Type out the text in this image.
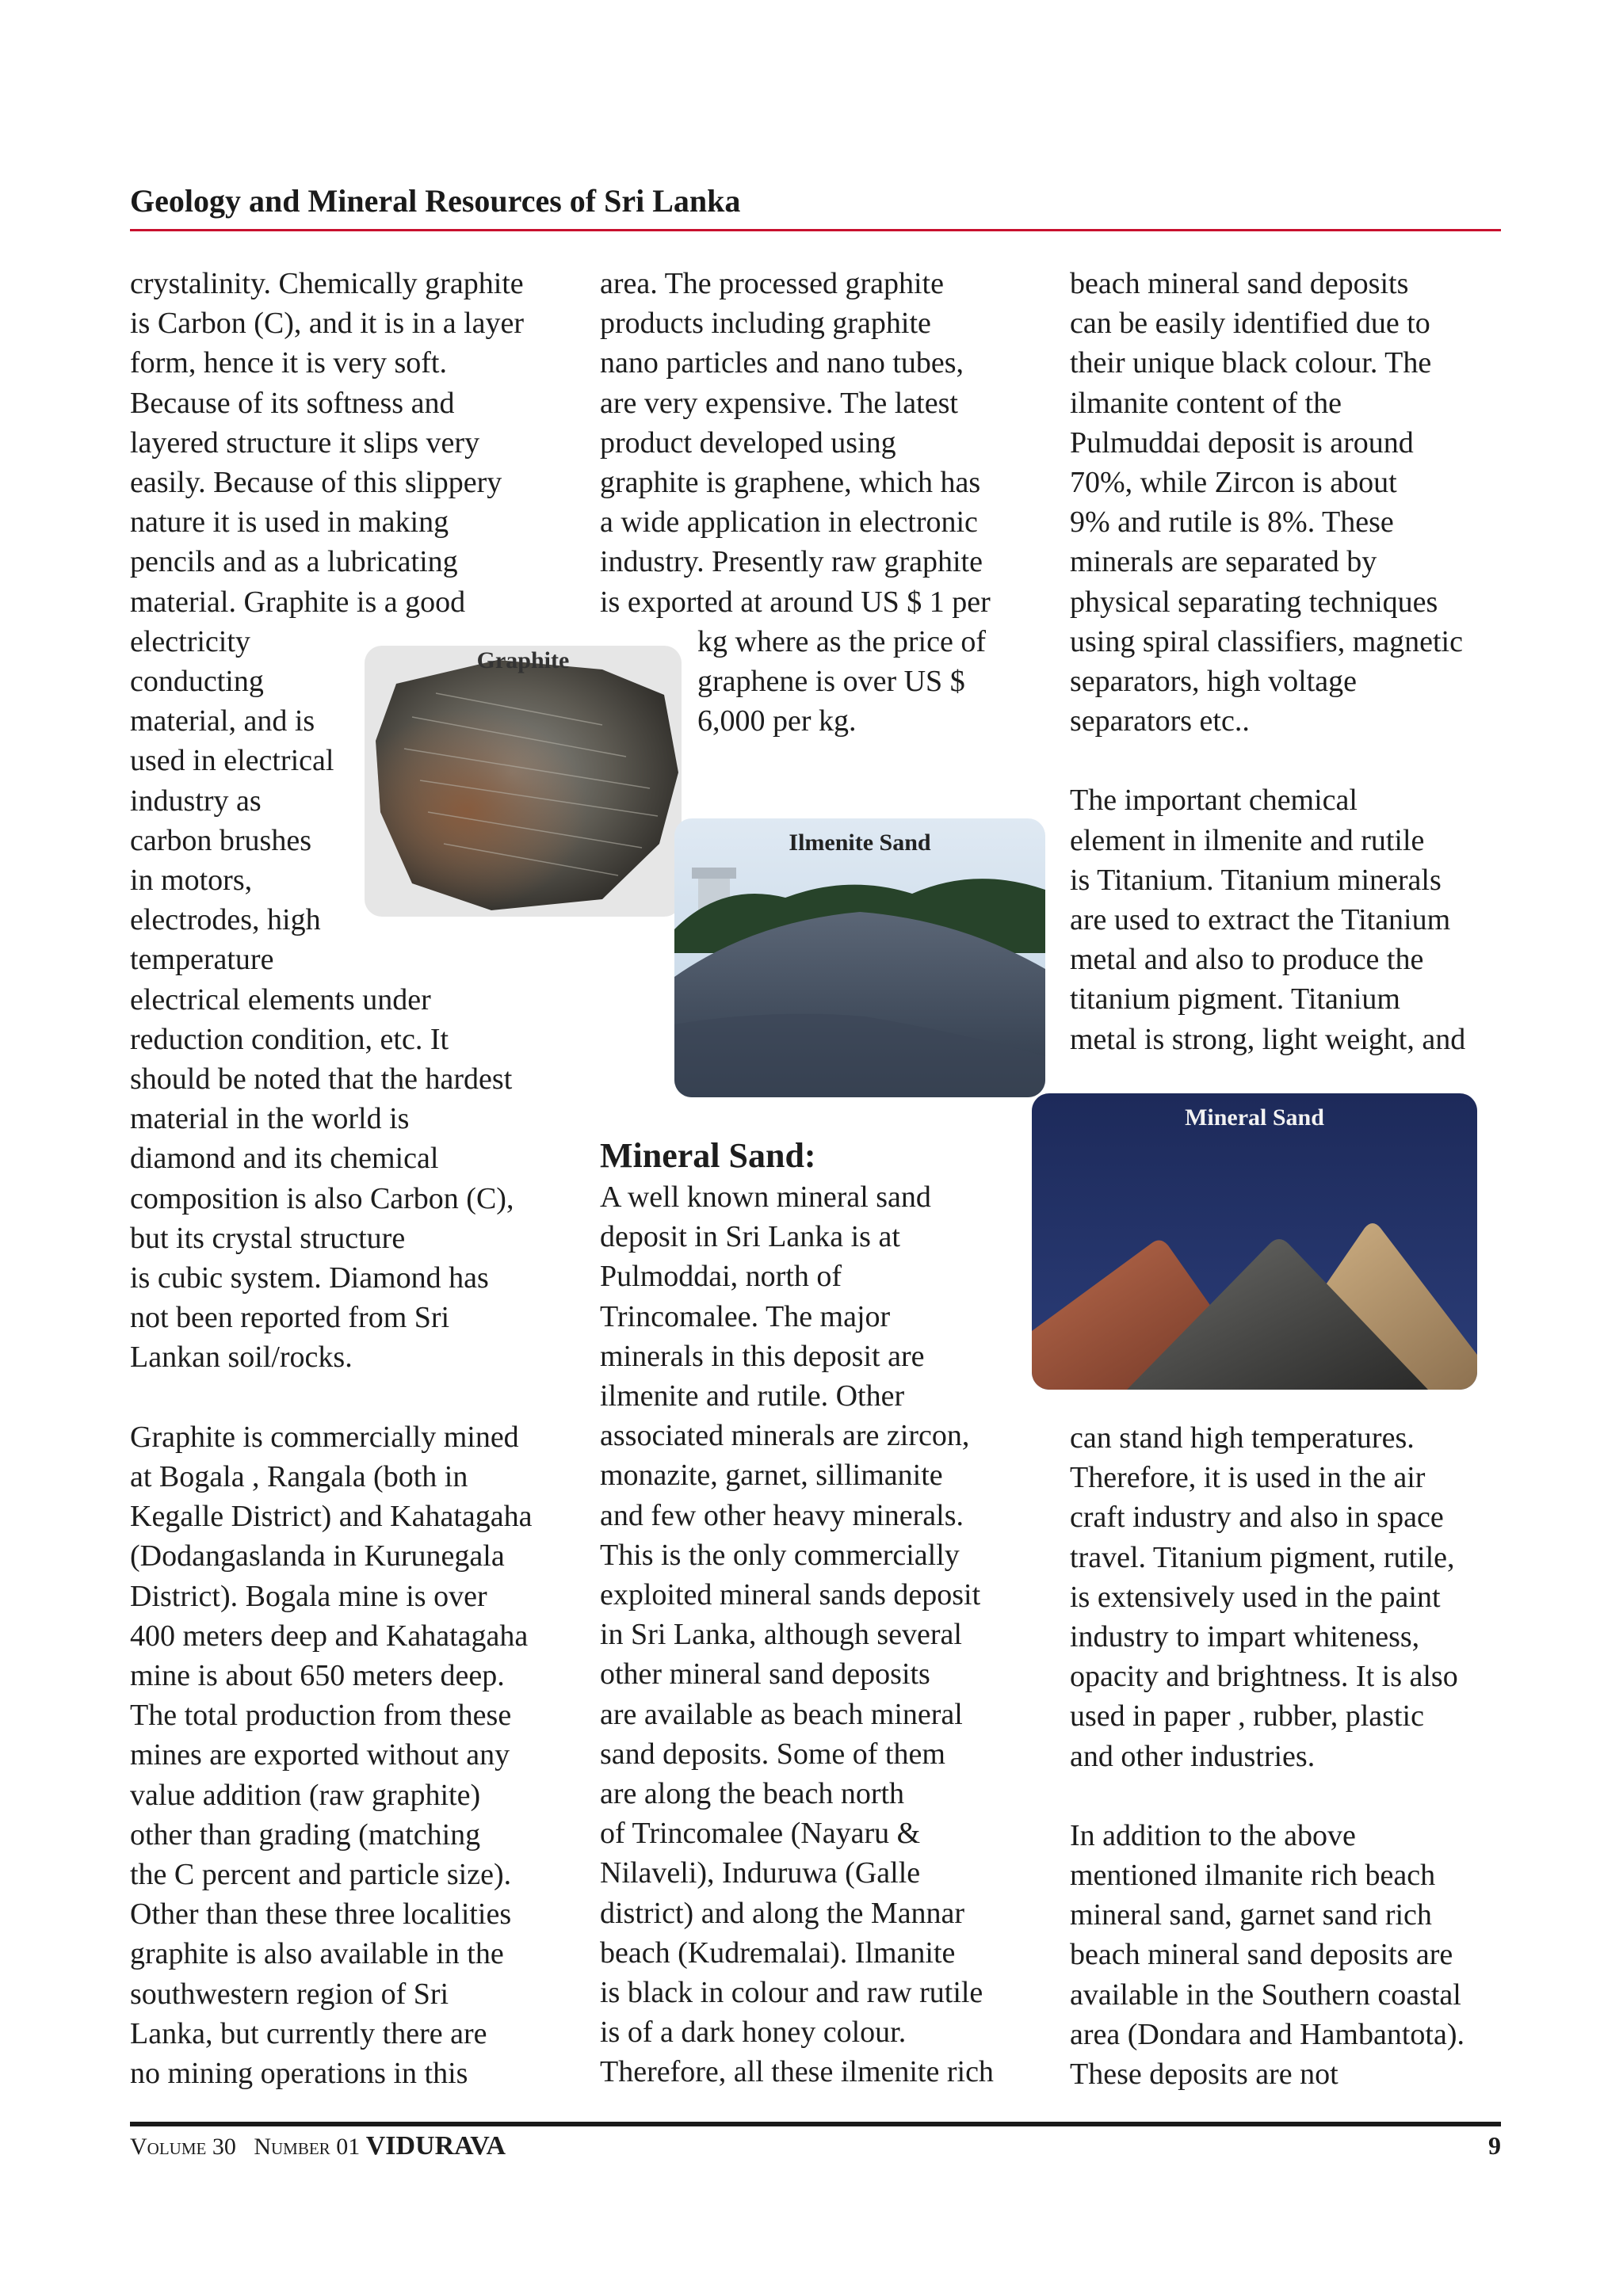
Geology and Mineral Resources of Sri Lanka

crystalinity. Chemically graphite
is Carbon (C), and it is in a layer
form, hence it is very soft.
Because of its softness and
layered structure it slips very
easily. Because of this slippery
nature it is used in making
pencils and as a lubricating
material. Graphite is a good
electricity
conducting
material, and is
used in electrical
industry as
carbon brushes
in motors,
electrodes, high
temperature
electrical elements under
reduction condition, etc. It
should be noted that the hardest
material in the world is
diamond and its chemical
composition is also Carbon (C),
but its crystal structure
is cubic system. Diamond has
not been reported from Sri
Lankan soil/rocks.

Graphite is commercially mined
at Bogala , Rangala (both in
Kegalle District) and Kahatagaha
(Dodangaslanda in Kurunegala
District). Bogala mine is over
400 meters deep and Kahatagaha
mine is about 650 meters deep.
The total production from these
mines are exported without any
value addition (raw graphite)
other than grading (matching
the C percent and particle size).
Other than these three localities
graphite is also available in the
southwestern region of Sri
Lanka, but currently there are
no mining operations in this

area. The processed graphite
products including graphite
nano particles and nano tubes,
are very expensive. The latest
product developed using
graphite is graphene, which has
a wide application in electronic
industry. Presently raw graphite
is exported at around US $ 1 per

kg where as the price of
graphene is over US $
6,000 per kg.

Mineral Sand:

A well known mineral sand
deposit in Sri Lanka is at
Pulmoddai, north of
Trincomalee. The major
minerals in this deposit are
ilmenite and rutile. Other
associated minerals are zircon,
monazite, garnet, sillimanite
and few other heavy minerals.
This is the only commercially
exploited mineral sands deposit
in Sri Lanka, although several
other mineral sand deposits
are available as beach mineral
sand deposits. Some of them
are along the beach north
of Trincomalee (Nayaru &
Nilaveli), Induruwa (Galle
district) and along the Mannar
beach (Kudremalai). Ilmanite
is black in colour and raw rutile
is of a dark honey colour.
Therefore, all these ilmenite rich

beach mineral sand deposits
can be easily identified due to
their unique black colour. The
ilmanite content of the
Pulmuddai deposit is around
70%, while Zircon is about
9% and rutile is 8%. These
minerals are separated by
physical separating techniques
using spiral classifiers, magnetic
separators, high voltage
separators etc..

The important chemical
element in ilmenite and rutile
is Titanium. Titanium minerals
are used to extract the Titanium
metal and also to produce the
titanium pigment. Titanium
metal is strong, light weight, and

can stand high temperatures.
Therefore, it is used in the air
craft industry and also in space
travel. Titanium pigment, rutile,
is extensively used in the paint
industry to impart whiteness,
opacity and brightness. It is also
used in paper , rubber, plastic
and other industries.

In addition to the above
mentioned ilmanite rich beach
mineral sand, garnet sand rich
beach mineral sand deposits are
available in the Southern coastal
area (Dondara and Hambantota).
These deposits are not

Graphite
Ilmenite Sand
Mineral Sand
Volume 30 Number 01 VIDURAVA	9
